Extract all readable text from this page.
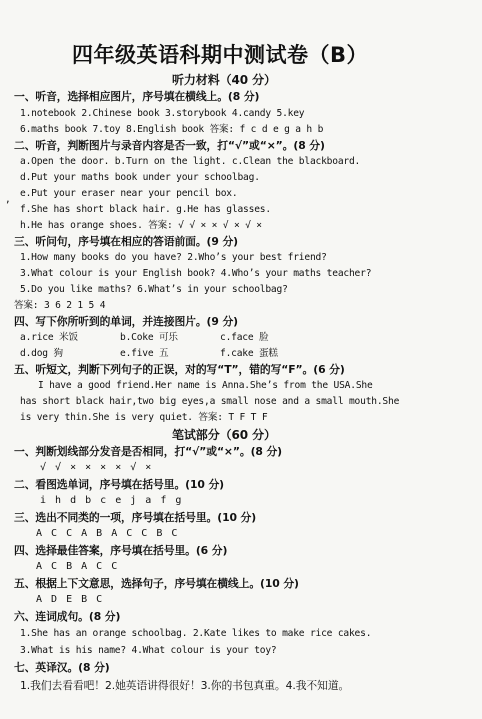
四年级英语科期中测试卷（B）
听力材料（40 分）
一、听音，选择相应图片，序号填在横线上。(8 分)
1.notebook 2.Chinese book 3.storybook 4.candy 5.key
6.maths book 7.toy 8.English book 答案: f c d e g a h b
二、听音，判断图片与录音内容是否一致，打“√”或“×”。(8 分)
a.Open the door. b.Turn on the light. c.Clean the blackboard.
d.Put your maths book under your schoolbag.
e.Put your eraser near your pencil box.
,
f.She has short black hair. g.He has glasses.
h.He has orange shoes. 答案: √ √ × × √ × √ ×
三、听问句，序号填在相应的答语前面。(9 分)
1.How many books do you have? 2.Who’s your best friend?
3.What colour is your English book? 4.Who’s your maths teacher?
5.Do you like maths? 6.What’s in your schoolbag?
答案: 3 6 2 1 5 4
四、写下你所听到的单词，并连接图片。(9 分)
a.rice 米饭	b.Coke 可乐	c.face 脸
d.dog 狗	e.five 五	f.cake 蛋糕
五、听短文，判断下列句子的正误，对的写“T”，错的写“F”。(6 分)
I have a good friend.Her name is Anna.She’s from the USA.She
has short black hair,two big eyes,a small nose and a small mouth.She
is very thin.She is very quiet. 答案: T F T F
笔试部分（60 分）
一、判断划线部分发音是否相同，打“√”或“×”。(8 分)
√ √ × × × × √ ×
二、看图选单词，序号填在括号里。(10 分)
i h d b c e j a f g
三、选出不同类的一项，序号填在括号里。(10 分)
A C C A B A C C B C
四、选择最佳答案，序号填在括号里。(6 分)
A C B A C C
五、根据上下文意思，选择句子，序号填在横线上。(10 分)
A D E B C
六、连词成句。(8 分)
1.She has an orange schoolbag. 2.Kate likes to make rice cakes.
3.What is his name? 4.What colour is your toy?
七、英译汉。(8 分)
1.我们去看看吧！2.她英语讲得很好！3.你的书包真重。4.我不知道。
